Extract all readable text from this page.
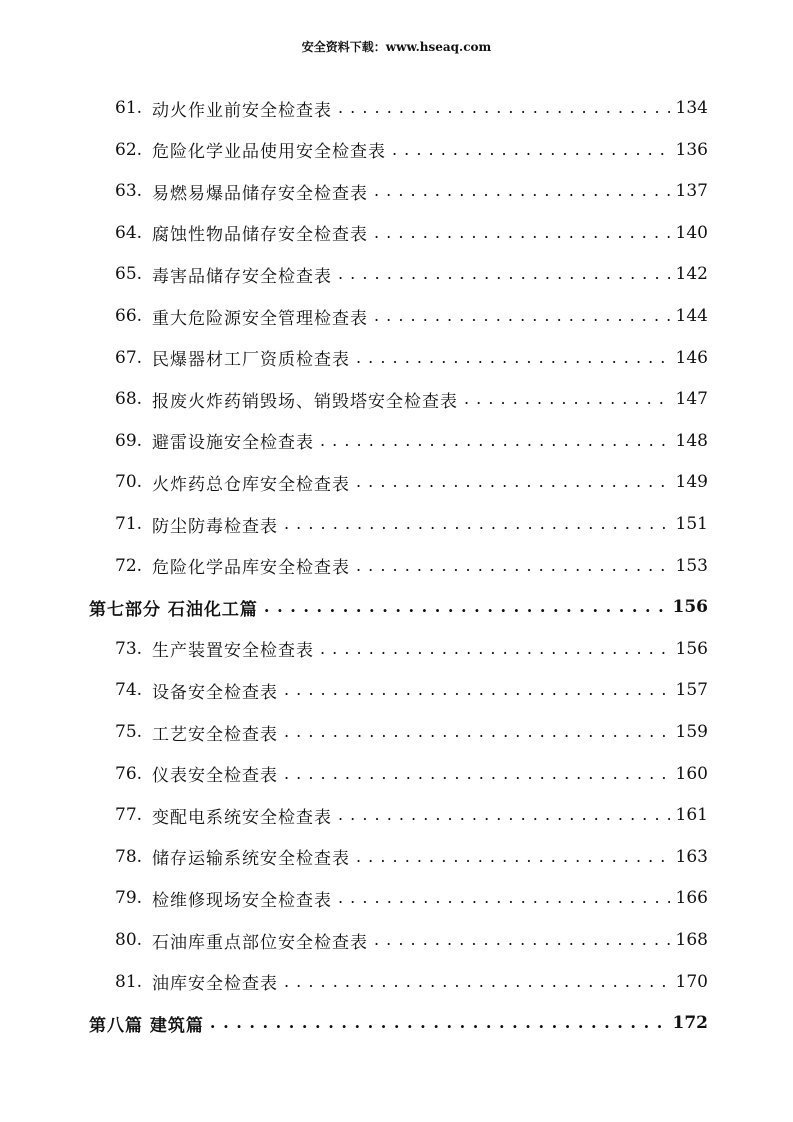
安全资料下载：www.hseaq.com
61. 动火作业前安全检查表 . . .	134
62. 危险化学业品使用安全检查表 . . .	136
63. 易燃易爆品储存安全检查表 . . .	137
64. 腐蚀性物品储存安全检查表 . . .	140
65. 毒害品储存安全检查表 . . .	142
66. 重大危险源安全管理检查表 . . .	144
67. 民爆器材工厂资质检查表 . . .	146
68. 报废火炸药销毁场、销毁塔安全检查表 . . .	147
69. 避雷设施安全检查表 . . .	148
70. 火炸药总仓库安全检查表 . . .	149
71. 防尘防毒检查表 . . .	151
72. 危险化学品库安全检查表 . . .	153
第七部分 石油化工篇 . . .	156
73. 生产装置安全检查表 . . .	156
74. 设备安全检查表 . . .	157
75. 工艺安全检查表 . . .	159
76. 仪表安全检查表 . . .	160
77. 变配电系统安全检查表 . . .	161
78. 储存运输系统安全检查表 . . .	163
79. 检维修现场安全检查表 . . .	166
80. 石油库重点部位安全检查表 . . .	168
81. 油库安全检查表 . . .	170
第八篇 建筑篇 . . .	172
